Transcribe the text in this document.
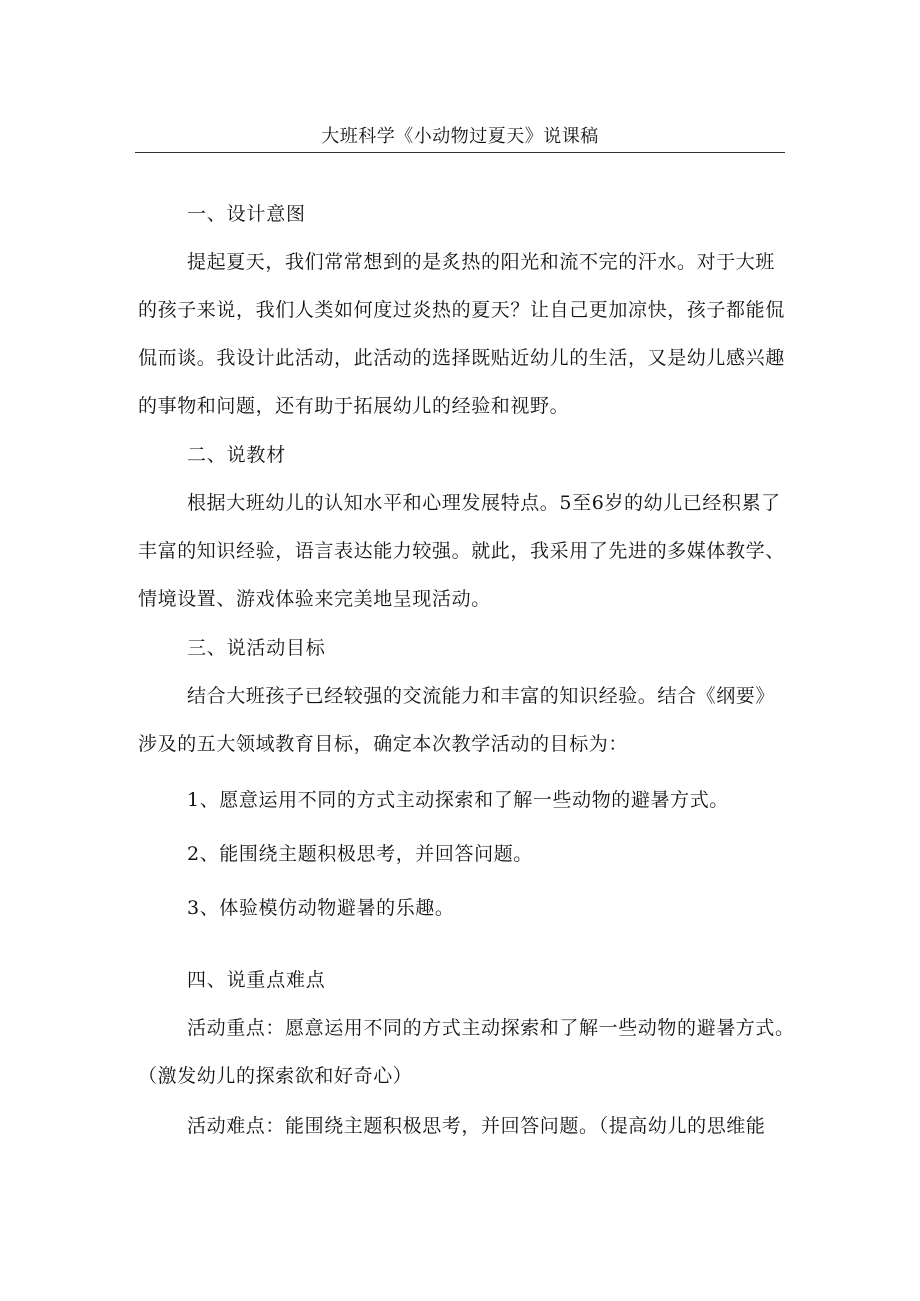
大班科学《小动物过夏天》说课稿
一、设计意图
提起夏天，我们常常想到的是炙热的阳光和流不完的汗水。对于大班
的孩子来说，我们人类如何度过炎热的夏天？让自己更加凉快，孩子都能侃
侃而谈。我设计此活动，此活动的选择既贴近幼儿的生活，又是幼儿感兴趣
的事物和问题，还有助于拓展幼儿的经验和视野。
二、说教材
根据大班幼儿的认知水平和心理发展特点。5至6岁的幼儿已经积累了
丰富的知识经验，语言表达能力较强。就此，我采用了先进的多媒体教学、
情境设置、游戏体验来完美地呈现活动。
三、说活动目标
结合大班孩子已经较强的交流能力和丰富的知识经验。结合《纲要》
涉及的五大领域教育目标，确定本次教学活动的目标为：
1、愿意运用不同的方式主动探索和了解一些动物的避暑方式。
2、能围绕主题积极思考，并回答问题。
3、体验模仿动物避暑的乐趣。
四、说重点难点
活动重点：愿意运用不同的方式主动探索和了解一些动物的避暑方式。
（激发幼儿的探索欲和好奇心）
活动难点：能围绕主题积极思考，并回答问题。（提高幼儿的思维能
